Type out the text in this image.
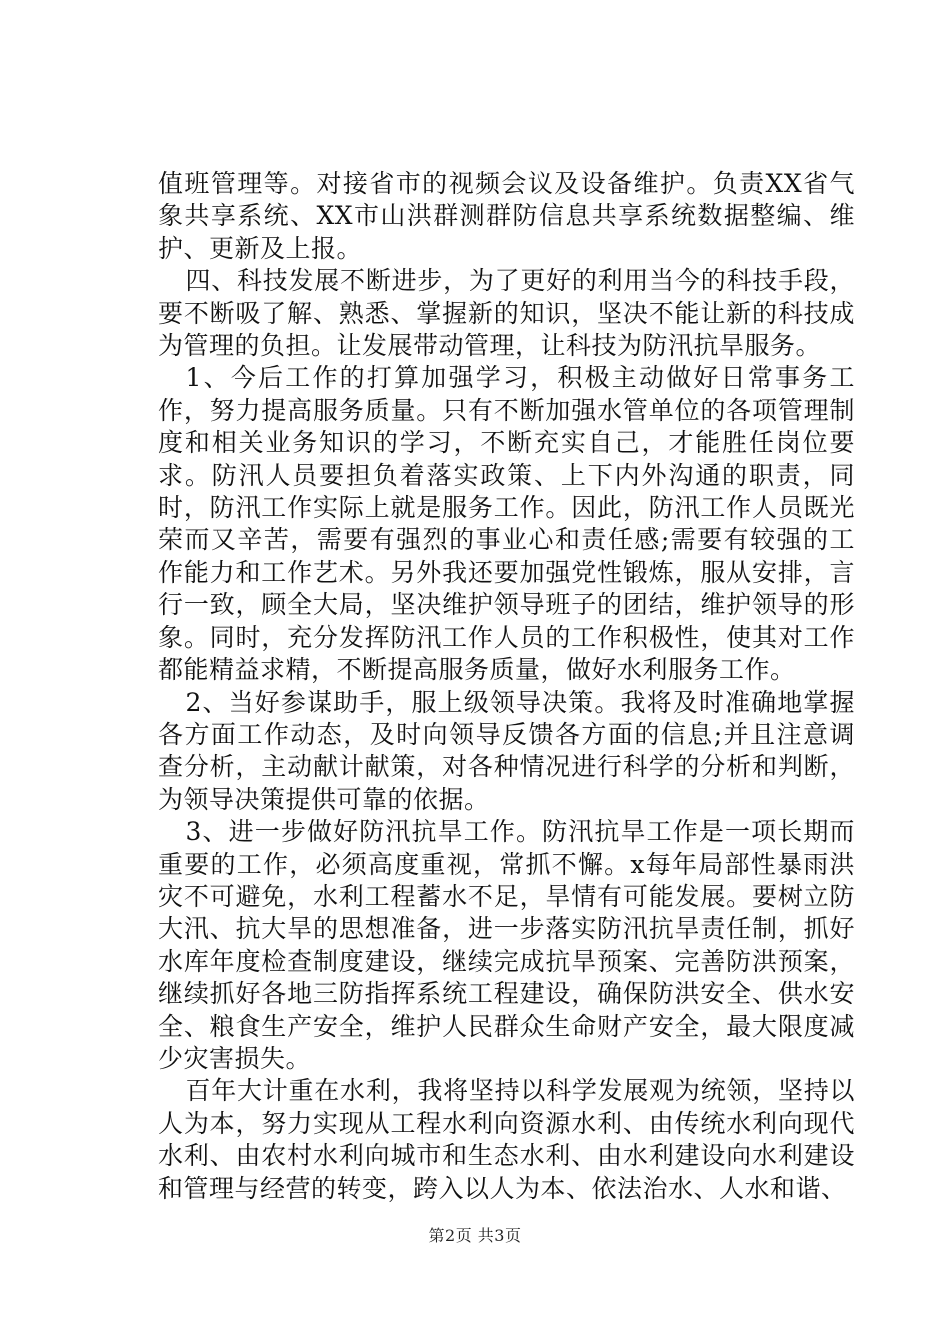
值班管理等。对接省市的视频会议及设备维护。负责XX省气象共享系统、XX市山洪群测群防信息共享系统数据整编、维护、更新及上报。

四、科技发展不断进步，为了更好的利用当今的科技手段，要不断吸了解、熟悉、掌握新的知识，坚决不能让新的科技成为管理的负担。让发展带动管理，让科技为防汛抗旱服务。

1、今后工作的打算加强学习，积极主动做好日常事务工作，努力提高服务质量。只有不断加强水管单位的各项管理制度和相关业务知识的学习，不断充实自己，才能胜任岗位要求。防汛人员要担负着落实政策、上下内外沟通的职责，同时，防汛工作实际上就是服务工作。因此，防汛工作人员既光荣而又辛苦，需要有强烈的事业心和责任感;需要有较强的工作能力和工作艺术。另外我还要加强党性锻炼，服从安排，言行一致，顾全大局，坚决维护领导班子的团结，维护领导的形象。同时，充分发挥防汛工作人员的工作积极性，使其对工作都能精益求精，不断提高服务质量，做好水利服务工作。

2、当好参谋助手，服上级领导决策。我将及时准确地掌握各方面工作动态，及时向领导反馈各方面的信息;并且注意调查分析，主动献计献策，对各种情况进行科学的分析和判断，为领导决策提供可靠的依据。

3、进一步做好防汛抗旱工作。防汛抗旱工作是一项长期而重要的工作，必须高度重视，常抓不懈。x每年局部性暴雨洪灾不可避免，水利工程蓄水不足，旱情有可能发展。要树立防大汛、抗大旱的思想准备，进一步落实防汛抗旱责任制，抓好水库年度检查制度建设，继续完成抗旱预案、完善防洪预案，继续抓好各地三防指挥系统工程建设，确保防洪安全、供水安全、粮食生产安全，维护人民群众生命财产安全，最大限度减少灾害损失。

百年大计重在水利，我将坚持以科学发展观为统领，坚持以人为本，努力实现从工程水利向资源水利、由传统水利向现代水利、由农村水利向城市和生态水利、由水利建设向水利建设和管理与经营的转变，跨入以人为本、依法治水、人水和谐、

第2页 共3页
